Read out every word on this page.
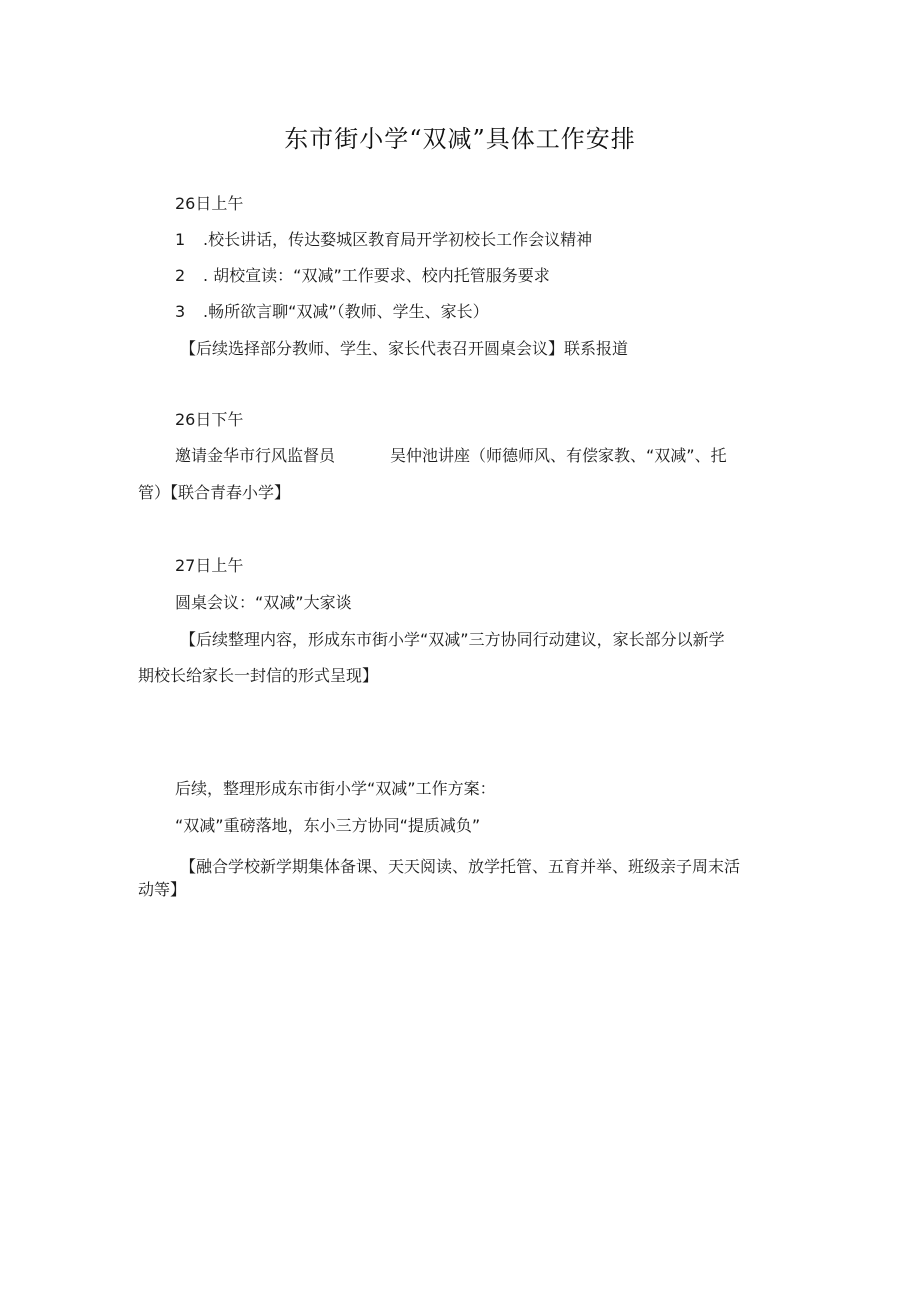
东市街小学“双减”具体工作安排
26日上午
1 .校长讲话，传达婺城区教育局开学初校长工作会议精神
2 . 胡校宣读：“双减”工作要求、校内托管服务要求
3 .畅所欲言聊“双减”（教师、学生、家长）
【后续选择部分教师、学生、家长代表召开圆桌会议】联系报道
26日下午
邀请金华市行风监督员	吴仲池讲座（师德师风、有偿家教、“双减”、托
管）【联合青春小学】
27日上午
圆桌会议：“双减”大家谈
【后续整理内容，形成东市街小学“双减”三方协同行动建议，家长部分以新学
期校长给家长一封信的形式呈现】
后续，整理形成东市街小学“双减”工作方案：
“双减”重磅落地，东小三方协同“提质减负”
【融合学校新学期集体备课、天天阅读、放学托管、五育并举、班级亲子周末活
动等】
